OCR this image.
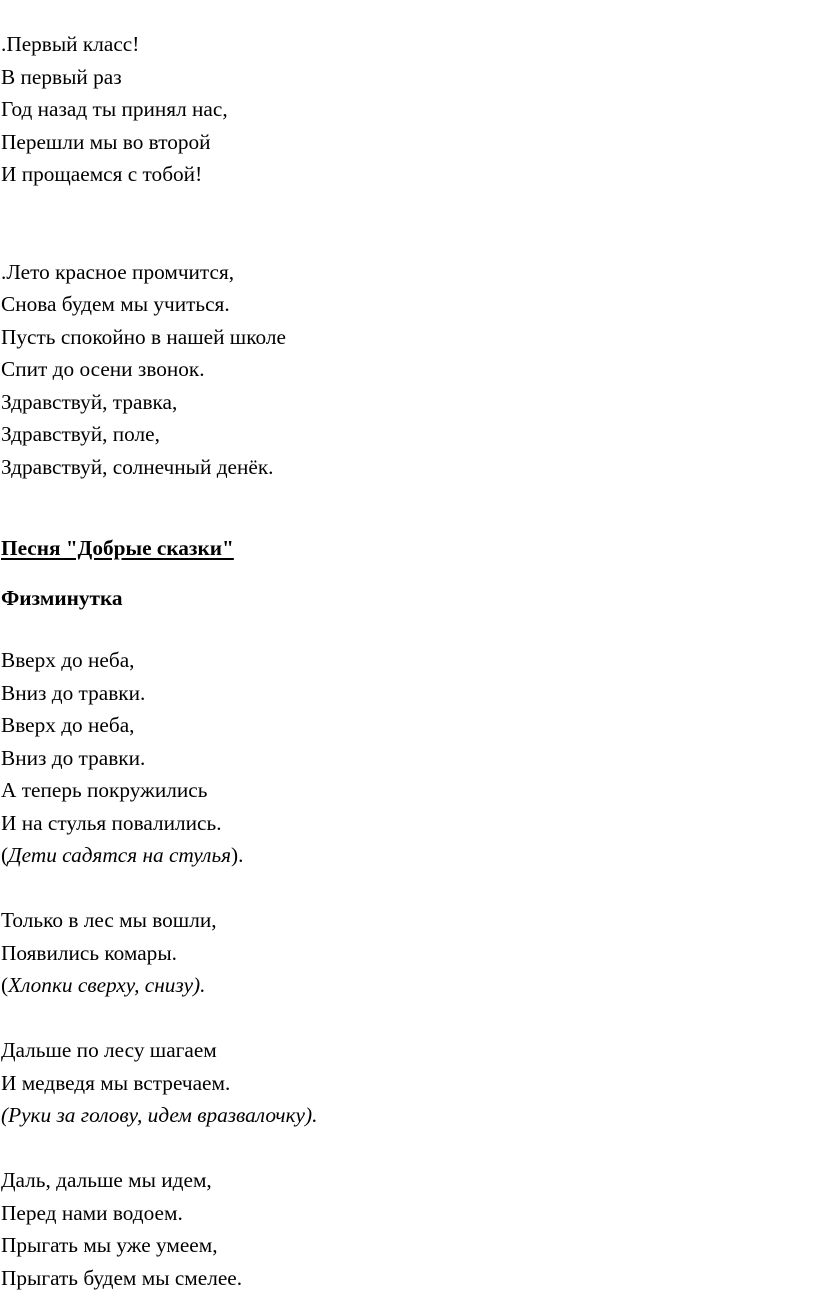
.Первый класс!
В первый раз
Год назад ты принял нас,
Перешли мы во второй
И прощаемся с тобой!
.Лето красное промчится,
Снова будем мы учиться.
Пусть спокойно в нашей школе
Спит до осени звонок.
Здравствуй, травка,
Здравствуй, поле,
Здравствуй, солнечный денёк.
Песня "Добрые сказки"
Физминутка
Вверх до неба,
Вниз до травки.
Вверх до неба,
Вниз до травки.
А теперь покружились
И на стулья повалились.
(Дети садятся на стулья).
Только в лес мы вошли,
Появились комары.
(Хлопки сверху, снизу).
Дальше по лесу шагаем
И медведя мы встречаем.
(Руки за голову, идем вразвалочку).
Даль, дальше мы идем,
Перед нами водоем.
Прыгать мы уже умеем,
Прыгать будем мы смелее.
